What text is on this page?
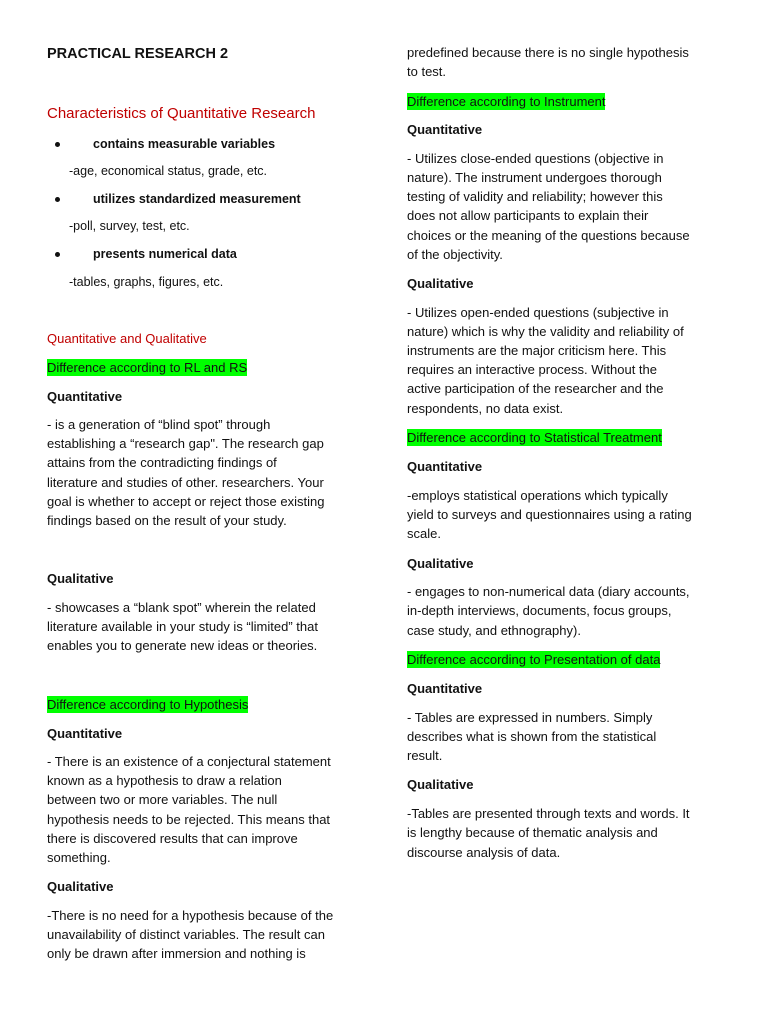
PRACTICAL RESEARCH 2
Characteristics of Quantitative Research
contains measurable variables
-age, economical status, grade, etc.
utilizes standardized measurement
-poll, survey, test, etc.
presents numerical data
-tables, graphs, figures, etc.
Quantitative and Qualitative
Difference according to RL and RS
Quantitative
- is a generation of “blind spot” through
establishing a “research gap". The research gap
attains from the contradicting findings of
literature and studies of other. researchers. Your
goal is whether to accept or reject those existing
findings based on the result of your study.
Qualitative
- showcases a “blank spot” wherein the related
literature available in your study is “limited” that
enables you to generate new ideas or theories.
Difference according to Hypothesis
Quantitative
- There is an existence of a conjectural statement
known as a hypothesis to draw a relation
between two or more variables. The null
hypothesis needs to be rejected. This means that
there is discovered results that can improve
something.
Qualitative
-There is no need for a hypothesis because of the
unavailability of distinct variables. The result can
only be drawn after immersion and nothing is
predefined because there is no single hypothesis
to test.
Difference according to Instrument
Quantitative
- Utilizes close-ended questions (objective in
nature). The instrument undergoes thorough
testing of validity and reliability; however this
does not allow participants to explain their
choices or the meaning of the questions because
of the objectivity.
Qualitative
- Utilizes open-ended questions (subjective in
nature) which is why the validity and reliability of
instruments are the major criticism here. This
requires an interactive process. Without the
active participation of the researcher and the
respondents, no data exist.
Difference according to Statistical Treatment
Quantitative
-employs statistical operations which typically
yield to surveys and questionnaires using a rating
scale.
Qualitative
- engages to non-numerical data (diary accounts,
in-depth interviews, documents, focus groups,
case study, and ethnography).
Difference according to Presentation of data
Quantitative
- Tables are expressed in numbers. Simply
describes what is shown from the statistical
result.
Qualitative
-Tables are presented through texts and words. It
is lengthy because of thematic analysis and
discourse analysis of data.
